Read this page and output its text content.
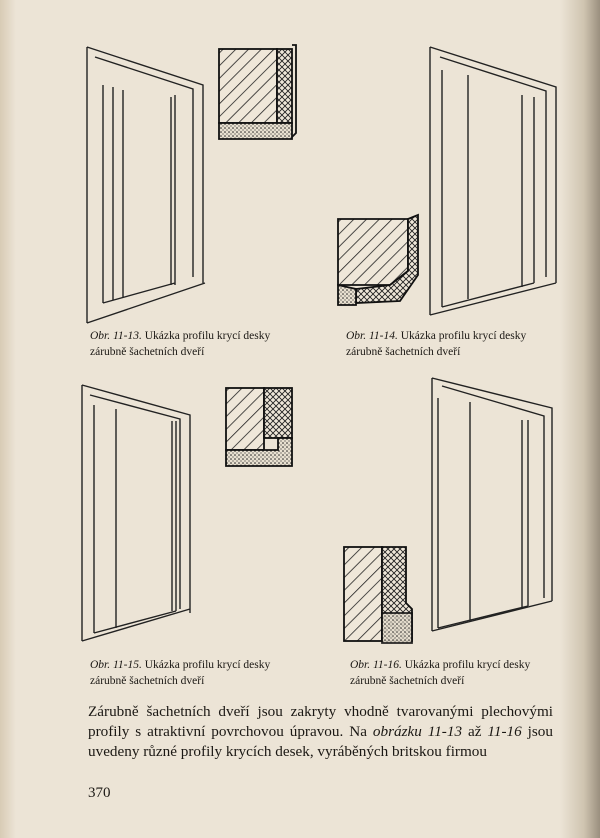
Obr. 11-13. Ukázka profilu krycí desky
zárubně šachetních dveří
Obr. 11-14. Ukázka profilu krycí desky
zárubně šachetních dveří
Obr. 11-15. Ukázka profilu krycí desky
zárubně šachetních dveří
Obr. 11-16. Ukázka profilu krycí desky
zárubně šachetních dveří
Zárubně šachetních dveří jsou zakryty vhodně tvarovanými plechovými profily s atraktivní povrchovou úpravou. Na obrázku 11-13 až 11-16 jsou uvedeny různé profily krycích desek, vyráběných britskou firmou
370
